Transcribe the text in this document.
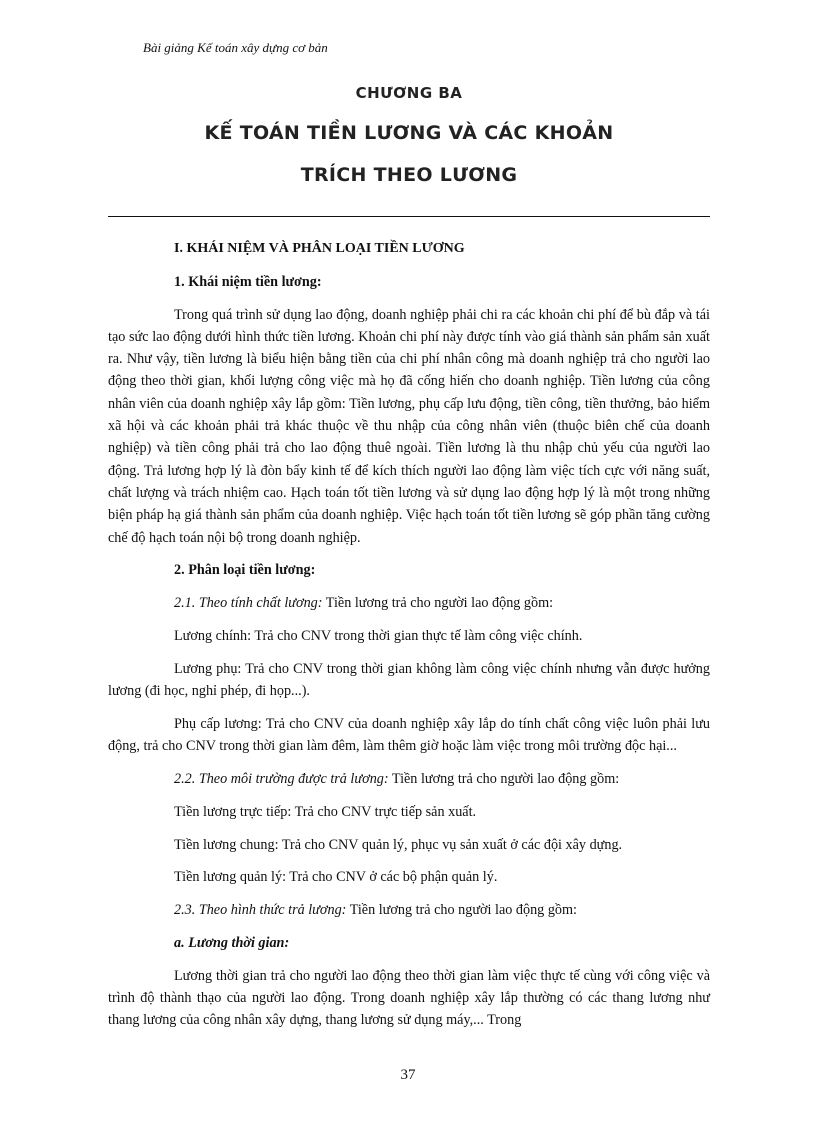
Bài giảng Kế toán xây dựng cơ bản

CHƯƠNG BA

KẾ TOÁN TIỀN LƯƠNG VÀ CÁC KHOẢN

TRÍCH THEO LƯƠNG

I. KHÁI NIỆM VÀ PHÂN LOẠI TIỀN LƯƠNG

1. Khái niệm tiền lương:

Trong quá trình sử dụng lao động, doanh nghiệp phải chi ra các khoản chi phí để bù đắp và tái tạo sức lao động dưới hình thức tiền lương. Khoản chi phí này được tính vào giá thành sản phẩm sản xuất ra. Như vậy, tiền lương là biểu hiện bằng tiền của chi phí nhân công mà doanh nghiệp trả cho người lao động theo thời gian, khối lượng công việc mà họ đã cống hiến cho doanh nghiệp. Tiền lương của công nhân viên của doanh nghiệp xây lắp gồm: Tiền lương, phụ cấp lưu động, tiền công, tiền thưởng, bảo hiểm xã hội và các khoản phải trả khác thuộc về thu nhập của công nhân viên (thuộc biên chế của doanh nghiệp) và tiền công phải trả cho lao động thuê ngoài. Tiền lương là thu nhập chủ yếu của người lao động. Trả lương hợp lý là đòn bẩy kinh tế để kích thích người lao động làm việc tích cực với năng suất, chất lượng và trách nhiệm cao. Hạch toán tốt tiền lương và sử dụng lao động hợp lý là một trong những biện pháp hạ giá thành sản phẩm của doanh nghiệp. Việc hạch toán tốt tiền lương sẽ góp phần tăng cường chế độ hạch toán nội bộ trong doanh nghiệp.

2. Phân loại tiền lương:

2.1. Theo tính chất lương: Tiền lương trả cho người lao động gồm:

Lương chính: Trả cho CNV trong thời gian thực tế làm công việc chính.

Lương phụ: Trả cho CNV trong thời gian không làm công việc chính nhưng vẫn được hưởng lương (đi học, nghỉ phép, đi họp...).

Phụ cấp lương: Trả cho CNV của doanh nghiệp xây lắp do tính chất công việc luôn phải lưu động, trả cho CNV trong thời gian làm đêm, làm thêm giờ hoặc làm việc trong môi trường độc hại...

2.2. Theo môi trường được trả lương: Tiền lương trả cho người lao động gồm:

Tiền lương trực tiếp: Trả cho CNV trực tiếp sản xuất.

Tiền lương chung: Trả cho CNV quản lý, phục vụ sản xuất ở các đội xây dựng.

Tiền lương quản lý: Trả cho CNV ở các bộ phận quản lý.

2.3. Theo hình thức trả lương: Tiền lương trả cho người lao động gồm:

a. Lương thời gian:

Lương thời gian trả cho người lao động theo thời gian làm việc thực tế cùng với công việc và trình độ thành thạo của người lao động. Trong doanh nghiệp xây lắp thường có các thang lương như thang lương của công nhân xây dựng, thang lương sử dụng máy,... Trong

37
